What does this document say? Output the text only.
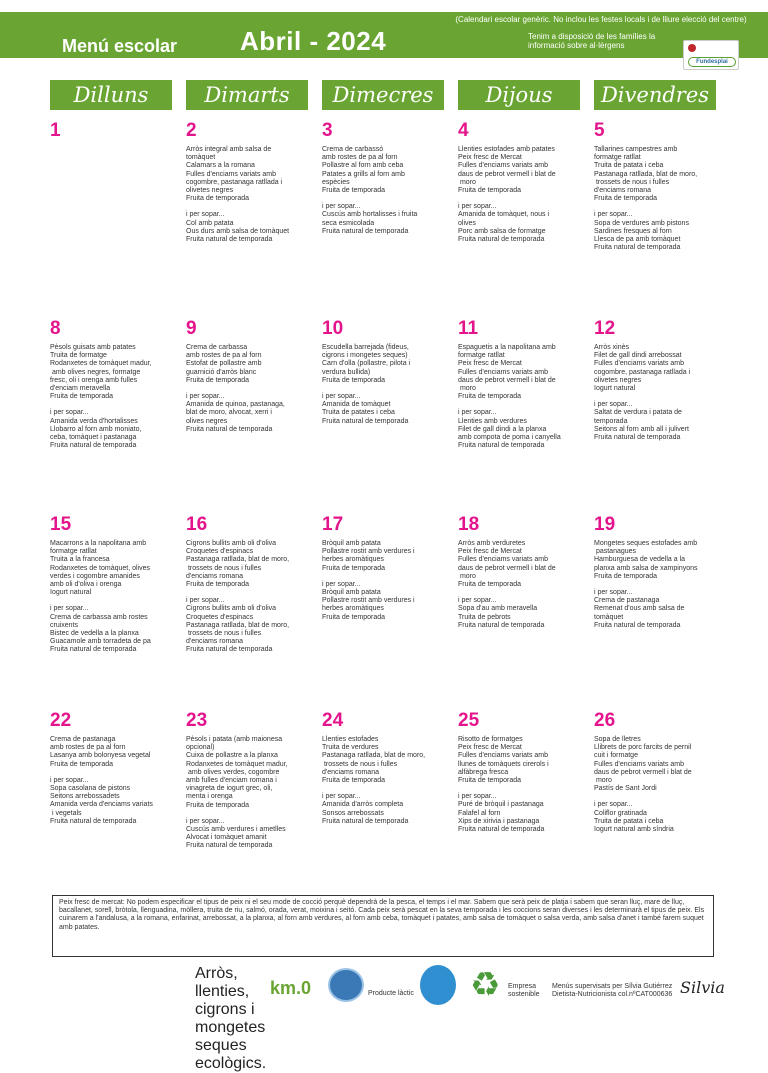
Menú escolar Abril - 2024
(Calendari escolar genèric. No inclou les festes locals i de lliure elecció del centre)
Tenim a disposició de les famílies la informació sobre al·lèrgens
Fundesplai
Dilluns	Dimarts	Dimecres	Dijous	Divendres
1	2
Arròs integral amb salsa de
tomàquet
Calamars a la romana
Fulles d'enciams variats amb
cogombre, pastanaga ratllada i
olivetes negres
Fruita de temporada
i per sopar...
Col amb patata
Ous durs amb salsa de tomàquet
Fruita natural de temporada
3
Crema de carbassó
amb rostes de pa al forn
Pollastre al forn amb ceba
Patates a grills al forn amb
espècies
Fruita de temporada
i per sopar...
Cuscús amb hortalisses i fruita
seca esmicolada
Fruita natural de temporada
4
Llenties estofades amb patates
Peix fresc de Mercat
Fulles d'enciams variats amb
daus de pebrot vermell i blat de
moro
Fruita de temporada
i per sopar...
Amanida de tomàquet, nous i
olives
Porc amb salsa de formatge
Fruita natural de temporada
5
Tallarines campestres amb
formatge ratllat
Truita de patata i ceba
Pastanaga ratllada, blat de moro,
trossets de nous i fulles
d'enciams romana
Fruita de temporada
i per sopar...
Sopa de verdures amb pistons
Sardines fresques al forn
Llesca de pa amb tomàquet
Fruita natural de temporada
8
Pèsols guisats amb patates
Truita de formatge
Rodanxetes de tomàquet madur,
amb olives negres, formatge
fresc, oli i orenga amb fulles
d'enciam meravella
Fruita de temporada
i per sopar...
Amanida verda d'hortalisses
Llobarro al forn amb moniato,
ceba, tomàquet i pastanaga
Fruita natural de temporada
9
Crema de carbassa
amb rostes de pa al forn
Estofat de pollastre amb
guarnició d'arròs blanc
Fruita de temporada
i per sopar...
Amanida de quinoa, pastanaga,
blat de moro, alvocat, xerri i
olives negres
Fruita natural de temporada
10
Escudella barrejada (fideus,
cigrons i mongetes seques)
Carn d'olla (pollastre, pilota i
verdura bullida)
Fruita de temporada
i per sopar...
Amanida de tomàquet
Truita de patates i ceba
Fruita natural de temporada
11
Espaguetis a la napolitana amb
formatge ratllat
Peix fresc de Mercat
Fulles d'enciams variats amb
daus de pebrot vermell i blat de
moro
Fruita de temporada
i per sopar...
Llenties amb verdures
Filet de gall dindi a la planxa
amb compota de poma i canyella
Fruita natural de temporada
12
Arròs xinès
Filet de gall dindi arrebossat
Fulles d'enciams variats amb
cogombre, pastanaga ratllada i
olivetes negres
Iogurt natural
i per sopar...
Saltat de verdura i patata de
temporada
Seitons al forn amb all i julivert
Fruita natural de temporada
15
Macarrons a la napolitana amb
formatge ratllat
Truita a la francesa
Rodanxetes de tomàquet, olives
verdes i cogombre amanides
amb oli d'oliva i orenga
Iogurt natural
i per sopar...
Crema de carbassa amb rostes
cruixents
Bistec de vedella a la planxa
Guacamole amb torradeta de pa
Fruita natural de temporada
16
Cigrons bullits amb oli d'oliva
Croquetes d'espinacs
Pastanaga ratllada, blat de moro,
trossets de nous i fulles
d'enciams romana
Fruita de temporada
i per sopar...
Cigrons bullits amb oli d'oliva
Croquetes d'espinacs
Pastanaga ratllada, blat de moro,
trossets de nous i fulles
d'enciams romana
Fruita natural de temporada
17
Bròquil amb patata
Pollastre rostit amb verdures i
herbes aromàtiques
Fruita de temporada
i per sopar...
Bròquil amb patata
Pollastre rostit amb verdures i
herbes aromàtiques
Fruita de temporada
18
Arròs amb verduretes
Peix fresc de Mercat
Fulles d'enciams variats amb
daus de pebrot vermell i blat de
moro
Fruita de temporada
i per sopar...
Sopa d'au amb meravella
Truita de pebrots
Fruita natural de temporada
19
Mongetes seques estofades amb
pastanagues
Hamburguesa de vedella a la
planxa amb salsa de xampinyons
Fruita de temporada
i per sopar...
Crema de pastanaga
Remenat d'ous amb salsa de
tomàquet
Fruita natural de temporada
22
Crema de pastanaga
amb rostes de pa al forn
Lasanya amb bolonyesa vegetal
Fruita de temporada
i per sopar...
Sopa casolana de pistons
Seitons arrebossadets
Amanida verda d'enciams variats
i vegetals
Fruita natural de temporada
23
Pèsols i patata (amb maionesa
opcional)
Cuixa de pollastre a la planxa
Rodanxetes de tomàquet madur,
amb olives verdes, cogombre
amb fulles d'enciam romana i
vinagreta de iogurt grec, oli,
menta i orenga
Fruita de temporada
i per sopar...
Cuscús amb verdures i ametlles
Alvocat i tomàquet amanit
Fruita natural de temporada
24
Llenties estofades
Truita de verdures
Pastanaga ratllada, blat de moro,
trossets de nous i fulles
d'enciams romana
Fruita de temporada
i per sopar...
Amanida d'arròs completa
Sonsos arrebossats
Fruita natural de temporada
25
Risotto de formatges
Peix fresc de Mercat
Fulles d'enciams variats amb
llunes de tomàquets cirerols i
alfàbrega fresca
Fruita de temporada
i per sopar...
Puré de bròquil i pastanaga
Falafel al forn
Xips de xirivia i pastanaga
Fruita natural de temporada
26
Sopa de lletres
Llibrets de porc farcits de pernil
cuit i formatge
Fulles d'enciams variats amb
daus de pebrot vermell i blat de
moro
Pastís de Sant Jordi
i per sopar...
Coliflor gratinada
Truita de patata i ceba
Iogurt natural amb síndria
Peix fresc de mercat: No podem especificar el tipus de peix ni el seu mode de cocció perquè dependrà de la pesca, el temps i el mar. Sabem que serà peix de platja i sabem que seran lluç, mare de lluç, bacallanet, sorell, bròtola, llenguadina, mòllera, truita de riu, salmó, orada, verat, moixina i seitó. Cada peix serà pescat en la seva temporada i les coccions seran diverses i les determinarà el tipus de peix. Els cuinarem a l'andalusa, a la romana, enfarinat, arrebossat, a la planxa, al forn amb verdures, al forn amb ceba, tomàquet i patates, amb salsa de tomàquet o salsa verda, amb salsa d'anet i també farem suquet amb patates.
Arròs, llenties, cigrons i mongetes seques ecològics.
km.0	Producte làctic ♻ Empresa sostenible
Menús supervisats per Sílvia Gutiérrez
Dietista-Nutricionista col.nºCAT000636 Silvia
